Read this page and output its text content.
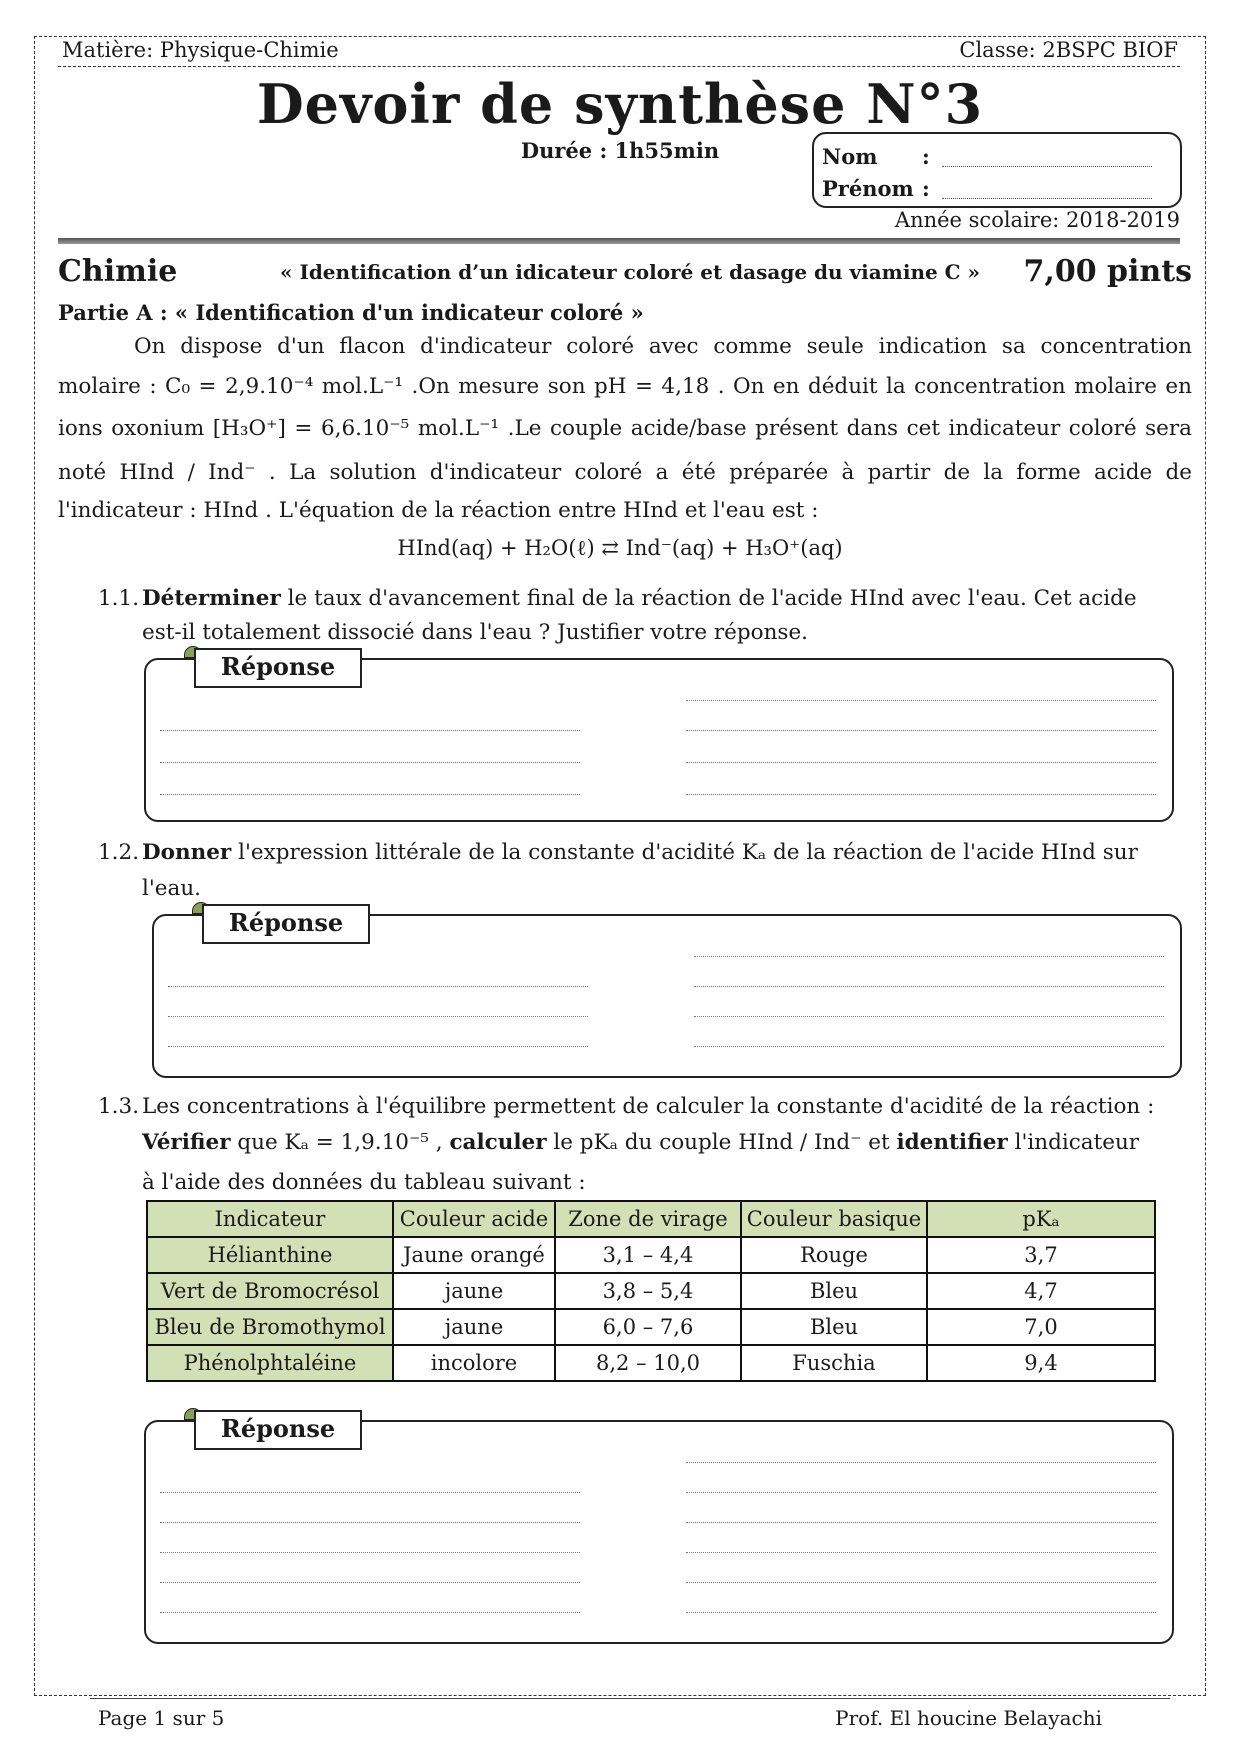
Matière: Physique-Chimie	Classe: 2BSPC BIOF
Devoir de synthèse N°3
Durée : 1h55min	Nom :
Prénom :
Année scolaire: 2018-2019
Chimie	« Identification d’un idicateur coloré et dasage du viamine C » 7,00 pints
Partie A : « Identification d'un indicateur coloré »
On dispose d'un flacon d'indicateur coloré avec comme seule indication sa concentration
molaire : C₀ = 2,9.10⁻⁴ mol.L⁻¹ .On mesure son pH = 4,18 . On en déduit la concentration molaire en
ions oxonium [H₃O⁺] = 6,6.10⁻⁵ mol.L⁻¹ .Le couple acide/base présent dans cet indicateur coloré sera
noté HInd / Ind⁻ . La solution d'indicateur coloré a été préparée à partir de la forme acide de
l'indicateur : HInd . L'équation de la réaction entre HInd et l'eau est :
HInd(aq) + H₂O(ℓ) ⇄ Ind⁻(aq) + H₃O⁺(aq)
1.1. Déterminer le taux d'avancement final de la réaction de l'acide HInd avec l'eau. Cet acide
est-il totalement dissocié dans l'eau ? Justifier votre réponse.
Réponse
1.2. Donner l'expression littérale de la constante d'acidité Kₐ de la réaction de l'acide HInd sur
l'eau.
Réponse
1.3. Les concentrations à l'équilibre permettent de calculer la constante d'acidité de la réaction :
Vérifier que Kₐ = 1,9.10⁻⁵ , calculer le pKₐ du couple HInd / Ind⁻ et identifier l'indicateur
à l'aide des données du tableau suivant :
Indicateur	Couleur acide	Zone de virage	Couleur basique	pKₐ
Hélianthine	Jaune orangé	3,1 – 4,4	Rouge	3,7
Vert de Bromocrésol	jaune	3,8 – 5,4	Bleu	4,7
Bleu de Bromothymol	jaune	6,0 – 7,6	Bleu	7,0
Phénolphtaléine	incolore	8,2 – 10,0	Fuschia	9,4
Réponse
Page 1 sur 5	Prof. El houcine Belayachi
